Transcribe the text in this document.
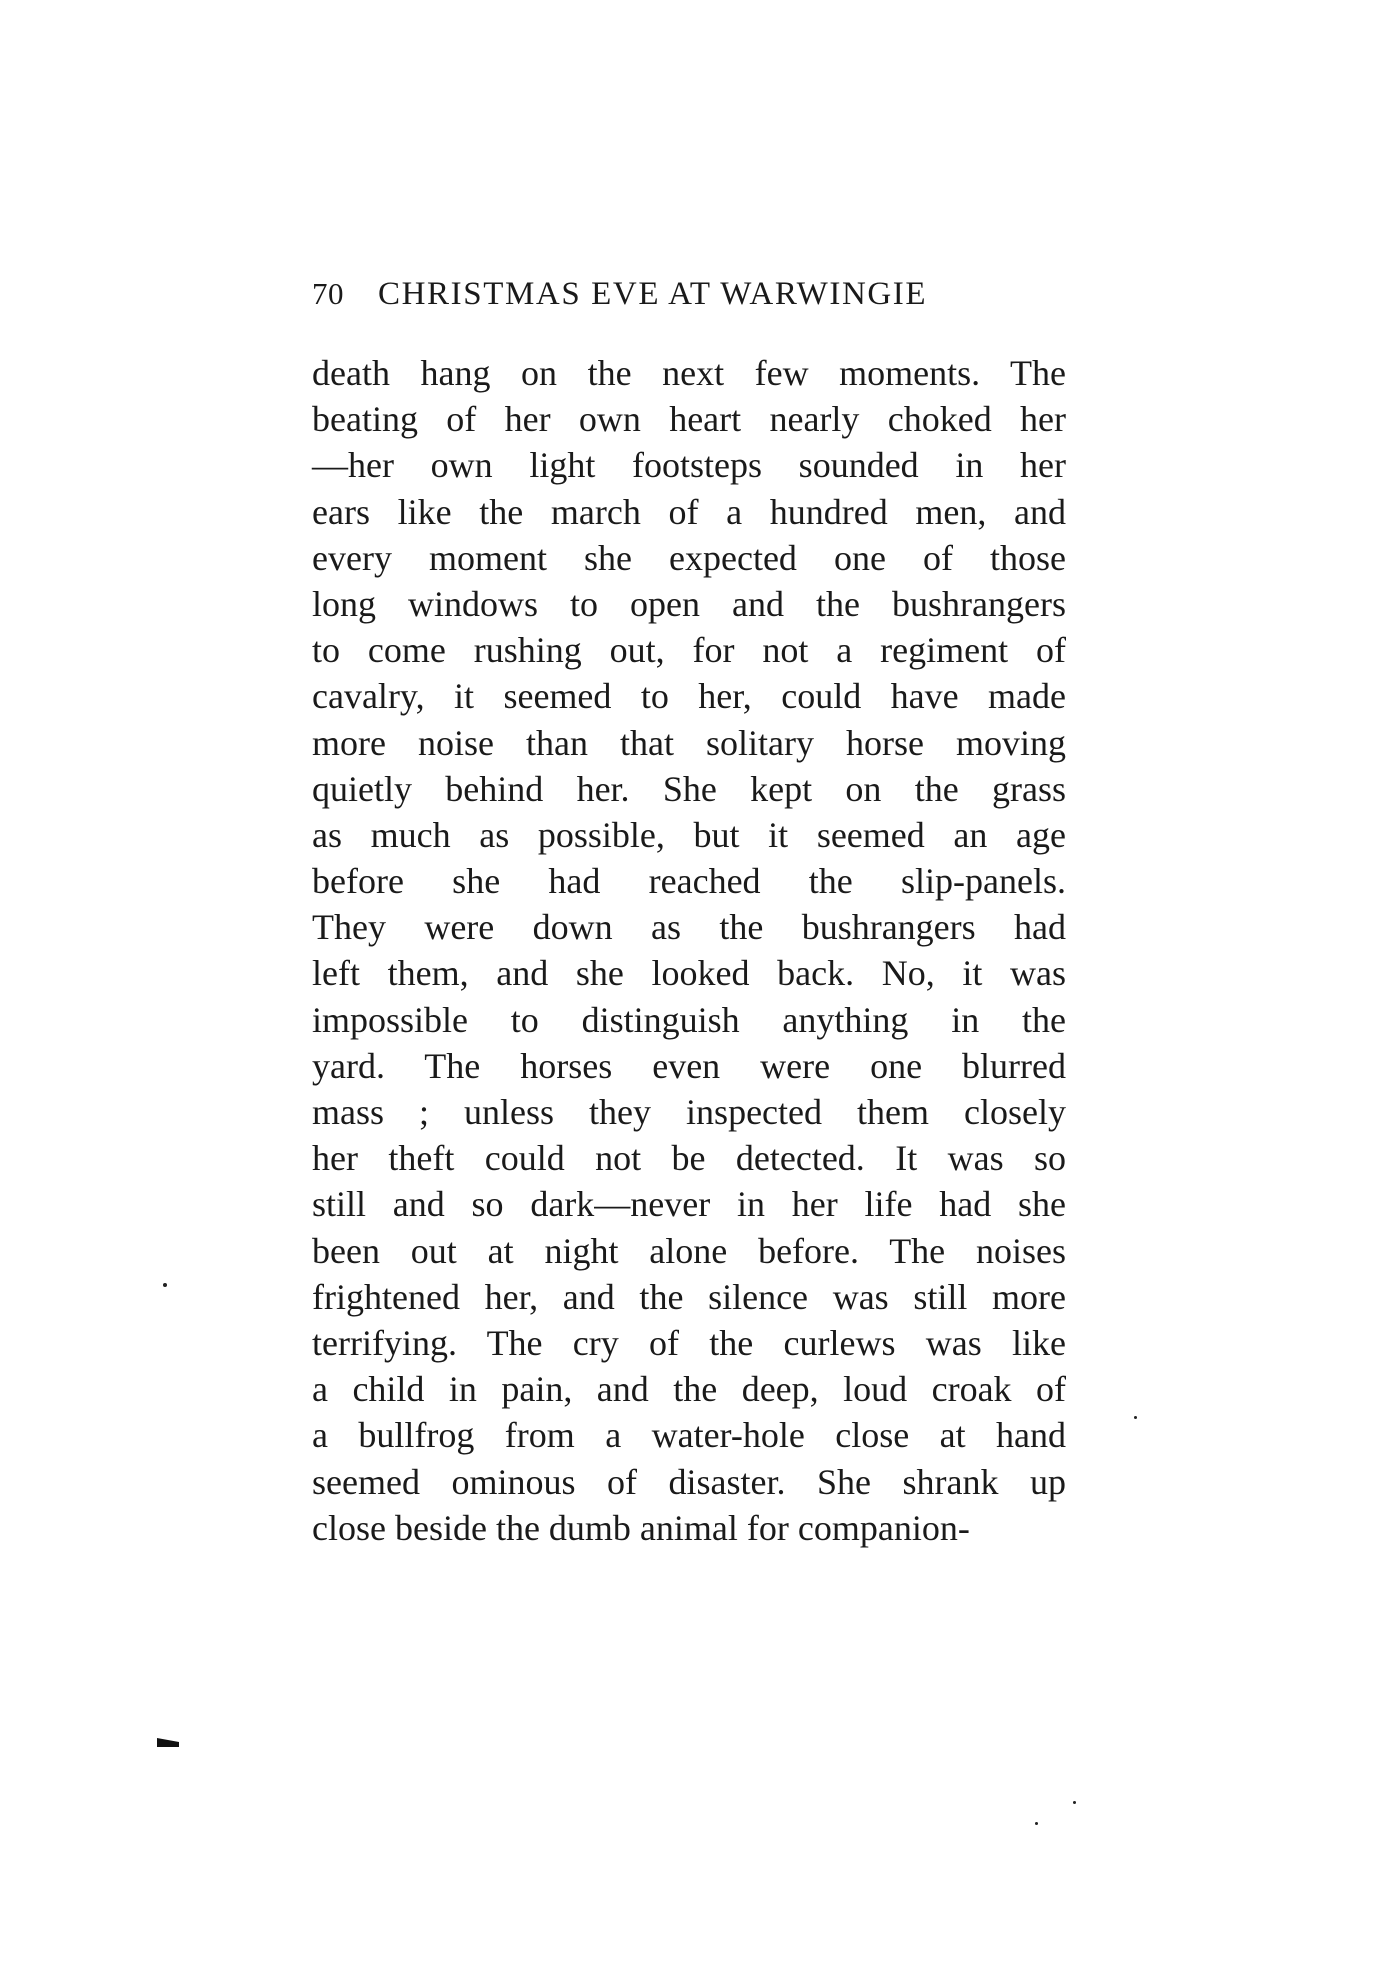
70 CHRISTMAS EVE AT WARWINGIE
death hang on the next few moments. The
beating of her own heart nearly choked her
—her own light footsteps sounded in her
ears like the march of a hundred men, and
every moment she expected one of those
long windows to open and the bushrangers
to come rushing out, for not a regiment of
cavalry, it seemed to her, could have made
more noise than that solitary horse moving
quietly behind her. She kept on the grass
as much as possible, but it seemed an age
before she had reached the slip-panels.
They were down as the bushrangers had
left them, and she looked back. No, it was
impossible to distinguish anything in the
yard. The horses even were one blurred
mass ; unless they inspected them closely
her theft could not be detected. It was so
still and so dark—never in her life had she
been out at night alone before. The noises
frightened her, and the silence was still more
terrifying. The cry of the curlews was like
a child in pain, and the deep, loud croak of
a bullfrog from a water-hole close at hand
seemed ominous of disaster. She shrank up
close beside the dumb animal for companion-
